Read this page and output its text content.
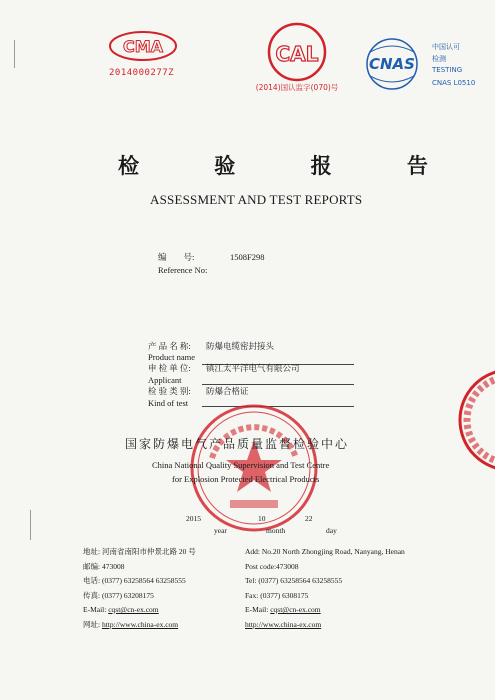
CMA
2014000277Z
CAL
(2014)国认监字(070)号
CNAS
中国认可
检测
TESTING
CNAS L0510
检 验 报 告
ASSESSMENT AND TEST REPORTS
编　　号:	1508F298
Reference No:
产 品 名 称:
Product name
防爆电缆密封接头
申 检 单 位:
Applicant
镇江太平洋电气有限公司
检 验 类 别:
Kind of test
防爆合格证
国家防爆电气产品质量监督检验中心
China National Quality Supervision and Test Centre
for Explosion Protected Electrical Products
2015
year
10
month
22
day
地址: 河南省南阳市仲景北路 20 号
邮编: 473008
电话: (0377) 63258564 63258555
传真: (0377) 63208175
E-Mail: cqst@cn-ex.com
网址: http://www.china-ex.com
Add: No.20 North Zhongjing Road, Nanyang, Henan
Post code:473008
Tel: (0377) 63258564 63258555
Fax: (0377) 6308175
E-Mail: cqst@cn-ex.com
http://www.china-ex.com
